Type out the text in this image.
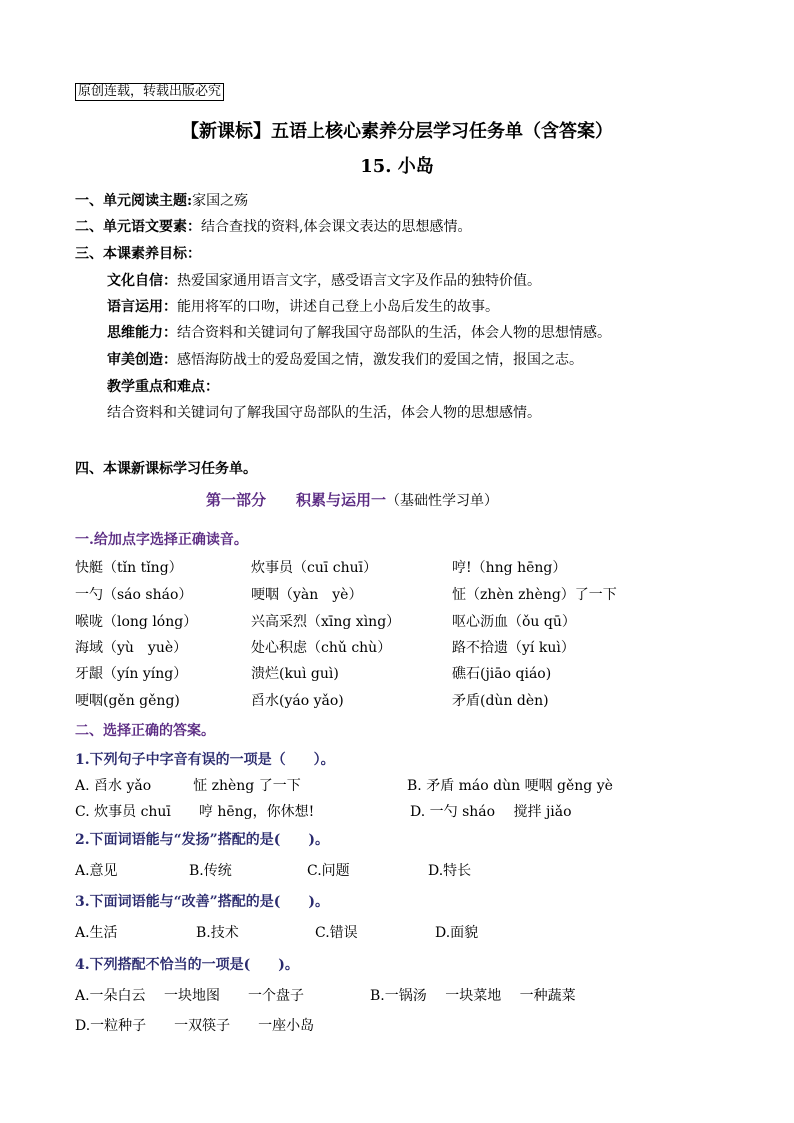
原创连载，转载出版必究
【新课标】五语上核心素养分层学习任务单（含答案）
15. 小岛
一、单元阅读主题:家国之殇
二、单元语文要素：结合查找的资料,体会课文表达的思想感情。
三、本课素养目标：
文化自信：热爱国家通用语言文字，感受语言文字及作品的独特价值。
语言运用：能用将军的口吻，讲述自己登上小岛后发生的故事。
思维能力：结合资料和关键词句了解我国守岛部队的生活，体会人物的思想情感。
审美创造：感悟海防战士的爱岛爱国之情，激发我们的爱国之情，报国之志。
教学重点和难点：
结合资料和关键词句了解我国守岛部队的生活，体会人物的思想感情。
四、本课新课标学习任务单。
第一部分　　积累与运用一（基础性学习单）
一.给加点字选择正确读音。
快艇（tǐn tǐng）	炊事员（cuī chuī）	哼!（hng hēng）
一勺（sáo sháo）	哽咽（yàn　yè）	怔（zhèn zhèng）了一下
喉咙（long lóng）	兴高采烈（xīng xìng）	呕心沥血（ǒu qū）
海域（yù　yuè）	处心积虑（chǔ chù）	路不拾遗（yí kuì）
牙龈（yín yíng）	溃烂(kuì guì)	礁石(jiāo qiáo)
哽咽(gěn gěng)	舀水(yáo yǎo)	矛盾(dùn dèn)
二、选择正确的答案。
1.下列句子中字音有误的一项是（　　）。
A. 舀水 yǎo　　　怔 zhèng 了一下	B. 矛盾 máo dùn 哽咽 gěng yè
C. 炊事员 chuī　　哼 hēng，你休想!	D. 一勺 sháo　 搅拌 jiǎo
2.下面词语能与“发扬”搭配的是(　　)。
A.意见	B.传统	C.问题	D.特长
3.下面词语能与“改善”搭配的是(　　)。
A.生活	B.技术	C.错误	D.面貌
4.下列搭配不恰当的一项是(　　)。
A.一朵白云　 一块地图　　一个盘子	B.一锅汤　 一块菜地　 一种蔬菜
D.一粒种子　　一双筷子　　一座小岛
